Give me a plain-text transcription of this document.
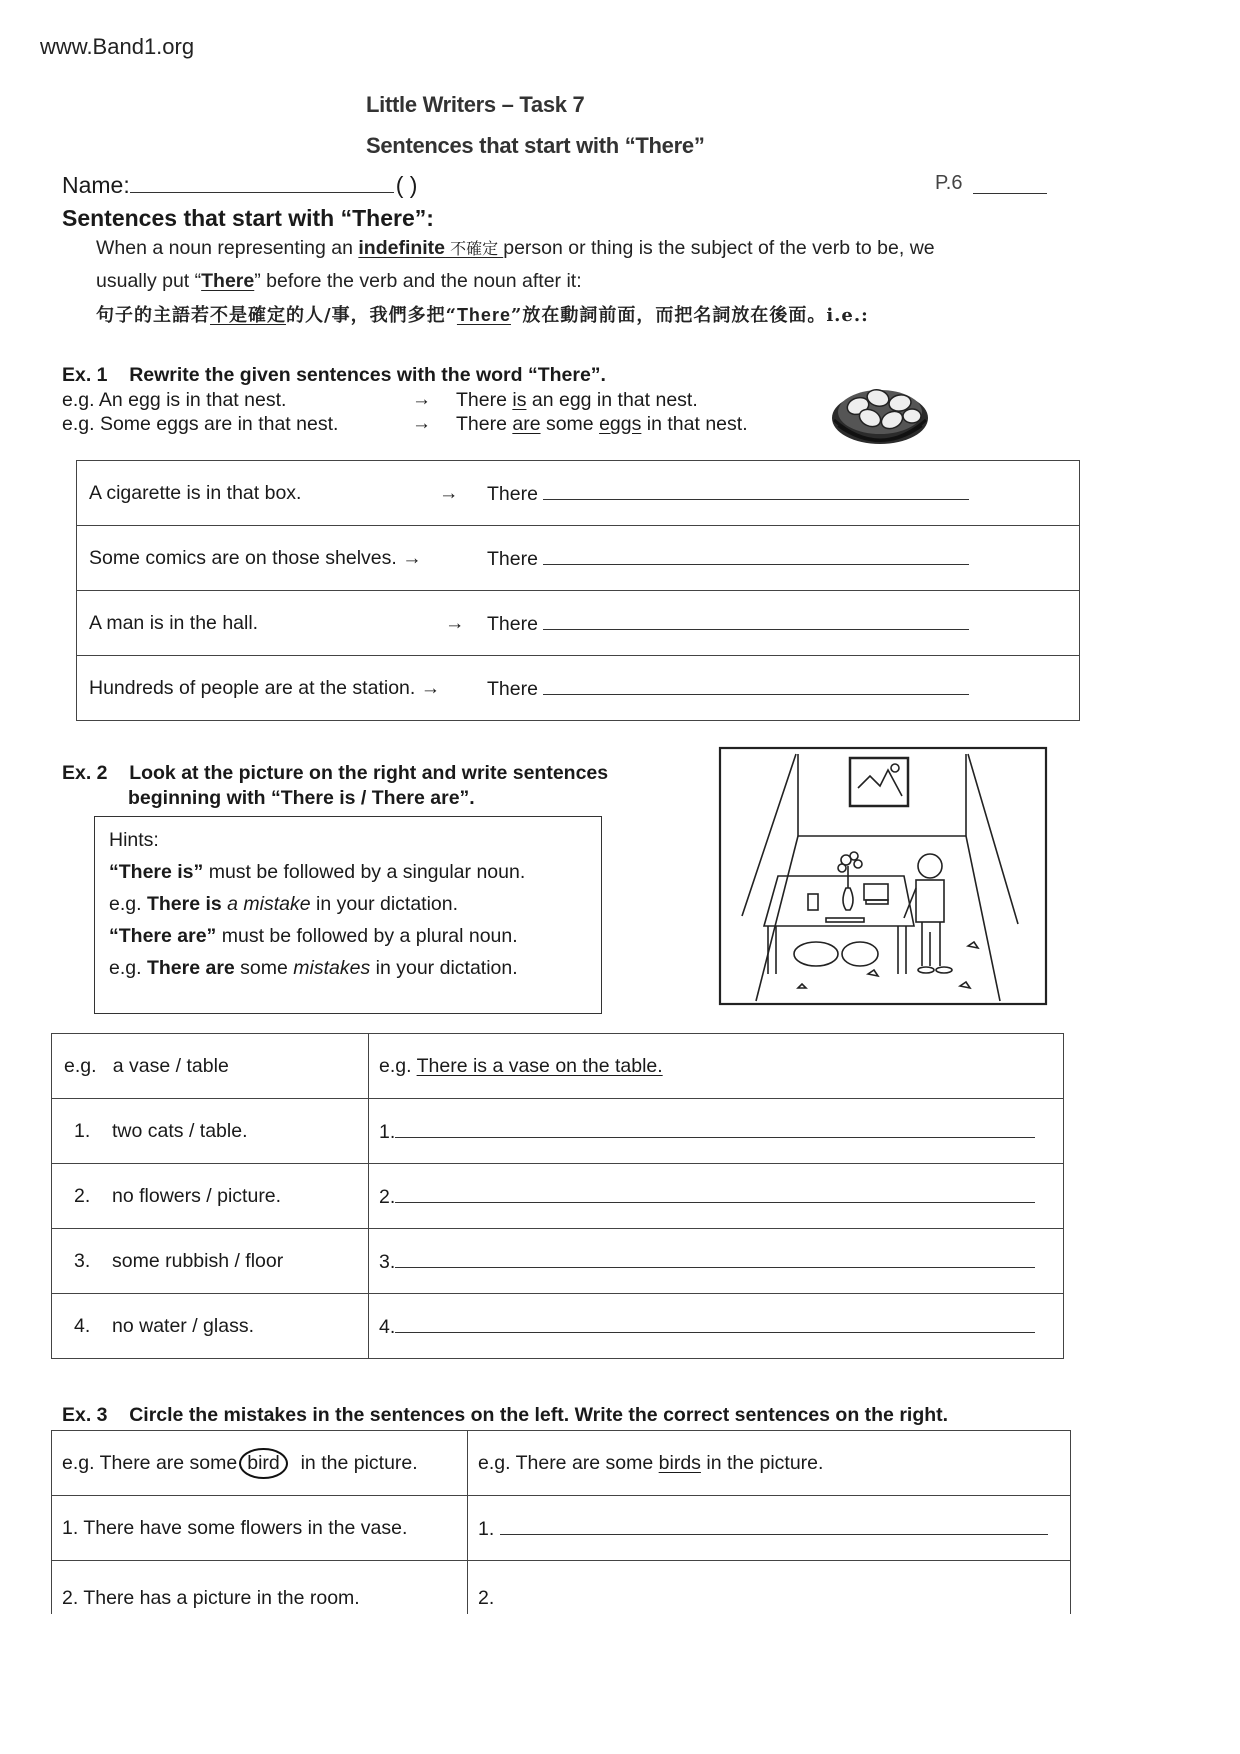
www.Band1.org
Little Writers – Task 7
Sentences that start with “There”
Name:	( )	P.6
Sentences that start with “There”:
When a noun representing an indefinite 不確定 person or thing is the subject of the verb to be, we
usually put “There” before the verb and the noun after it:
句子的主語若不是確定的人/事，我們多把“There”放在動詞前面，而把名詞放在後面。i.e.:
Ex. 1    Rewrite the given sentences with the word “There”.
e.g. An egg is in that nest.	→ There is an egg in that nest.
e.g. Some eggs are in that nest.	→ There are some eggs in that nest.
A cigarette is in that box. →	There
Some comics are on those shelves. →	There
A man is in the hall. →	There
Hundreds of people are at the station. →	There
Ex. 2    Look at the picture on the right and write sentences
beginning with “There is / There are”.
Hints:
“There is” must be followed by a singular noun.
e.g. There is a mistake in your dictation.
“There are” must be followed by a plural noun.
e.g. There are some mistakes in your dictation.
e.g. a vase / table	e.g. There is a vase on the table.
1. two cats / table.	1.
2. no flowers / picture.	2.
3. some rubbish / floor	3.
4. no water / glass.	4.
Ex. 3    Circle the mistakes in the sentences on the left. Write the correct sentences on the right.
e.g. There are some bird  in the picture.	e.g. There are some birds in the picture.
1. There have some flowers in the vase.	1.
2. There has a picture in the room.	2.
